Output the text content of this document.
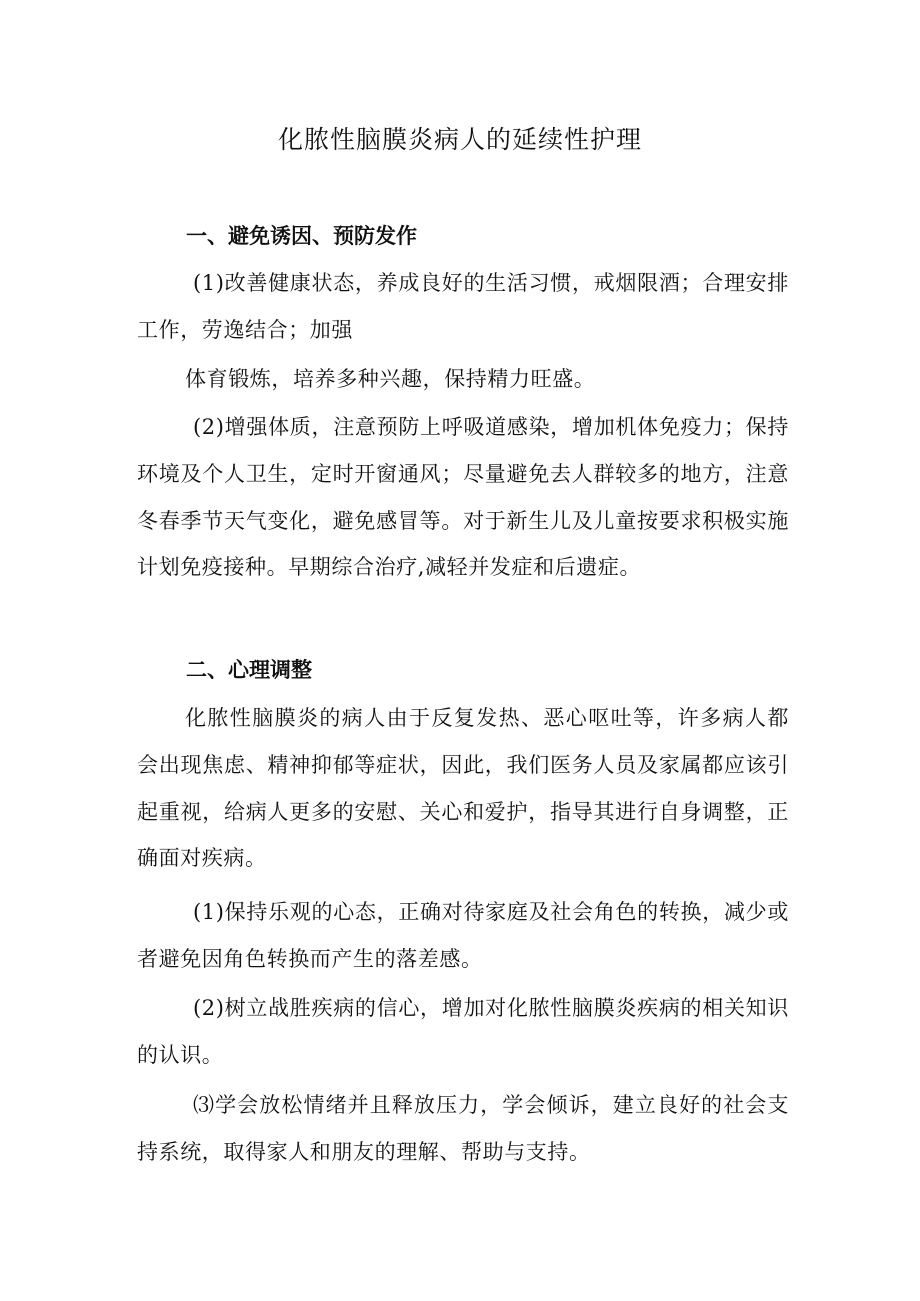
化脓性脑膜炎病人的延续性护理
一、避免诱因、预防发作
(1)改善健康状态，养成良好的生活习惯，戒烟限酒；合理安排工作，劳逸结合；加强
体育锻炼，培养多种兴趣，保持精力旺盛。
(2)增强体质，注意预防上呼吸道感染，增加机体免疫力；保持环境及个人卫生，定时开窗通风；尽量避免去人群较多的地方，注意冬春季节天气变化，避免感冒等。对于新生儿及儿童按要求积极实施计划免疫接种。早期综合治疗,减轻并发症和后遗症。
二、心理调整
化脓性脑膜炎的病人由于反复发热、恶心呕吐等，许多病人都会出现焦虑、精神抑郁等症状，因此，我们医务人员及家属都应该引起重视，给病人更多的安慰、关心和爱护，指导其进行自身调整，正确面对疾病。
(1)保持乐观的心态，正确对待家庭及社会角色的转换，减少或者避免因角色转换而产生的落差感。
(2)树立战胜疾病的信心，增加对化脓性脑膜炎疾病的相关知识的认识。
⑶学会放松情绪并且释放压力，学会倾诉，建立良好的社会支持系统，取得家人和朋友的理解、帮助与支持。
